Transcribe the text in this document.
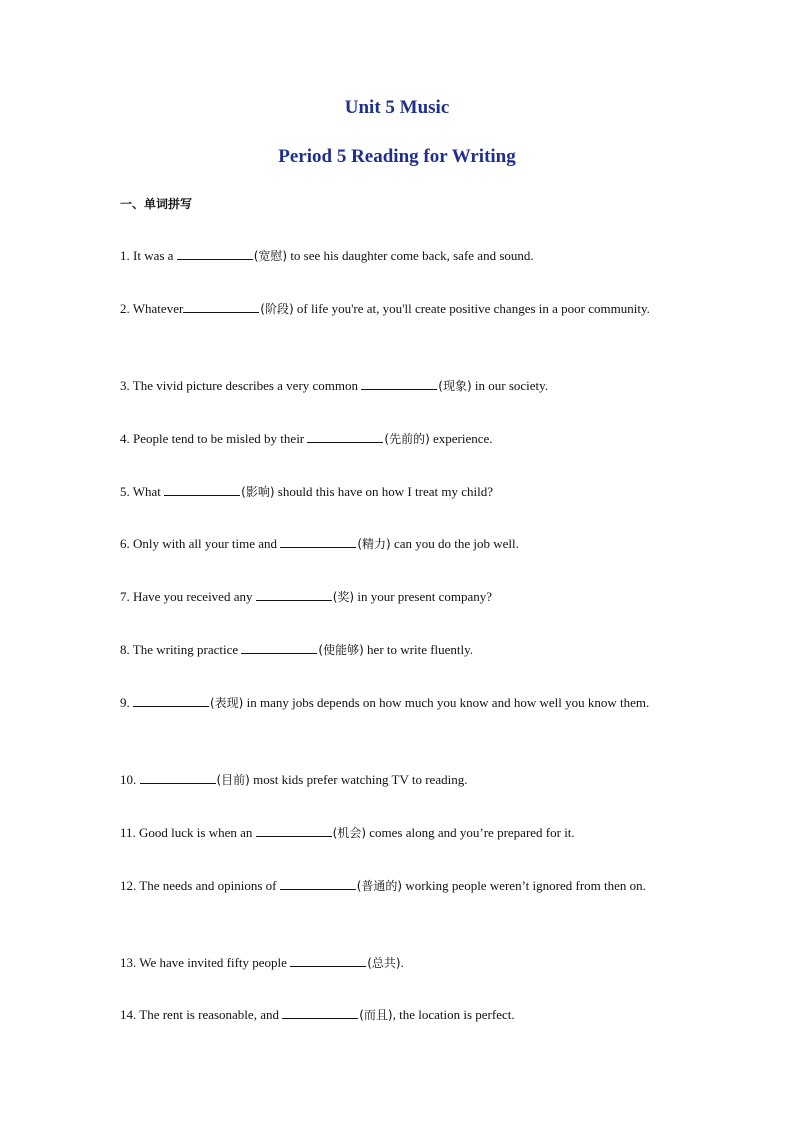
Unit 5 Music
Period 5 Reading for Writing

一、单词拼写

1. It was a	(宽慰) to see his daughter come back, safe and sound.

2. Whatever	(阶段) of life you're at, you'll create positive changes in a poor community.

3. The vivid picture describes a very common	(现象) in our society.

4. People tend to be misled by their	(先前的) experience.

5. What	(影响) should this have on how I treat my child?

6. Only with all your time and	(精力) can you do the job well.

7. Have you received any	(奖) in your present company?

8. The writing practice	(使能够) her to write fluently.

9.	(表现) in many jobs depends on how much you know and how well you know them.

10.	(目前) most kids prefer watching TV to reading.

11. Good luck is when an	(机会) comes along and you’re prepared for it.

12. The needs and opinions of	(普通的) working people weren’t ignored from then on.

13. We have invited fifty people	(总共).

14. The rent is reasonable, and	(而且), the location is perfect.
